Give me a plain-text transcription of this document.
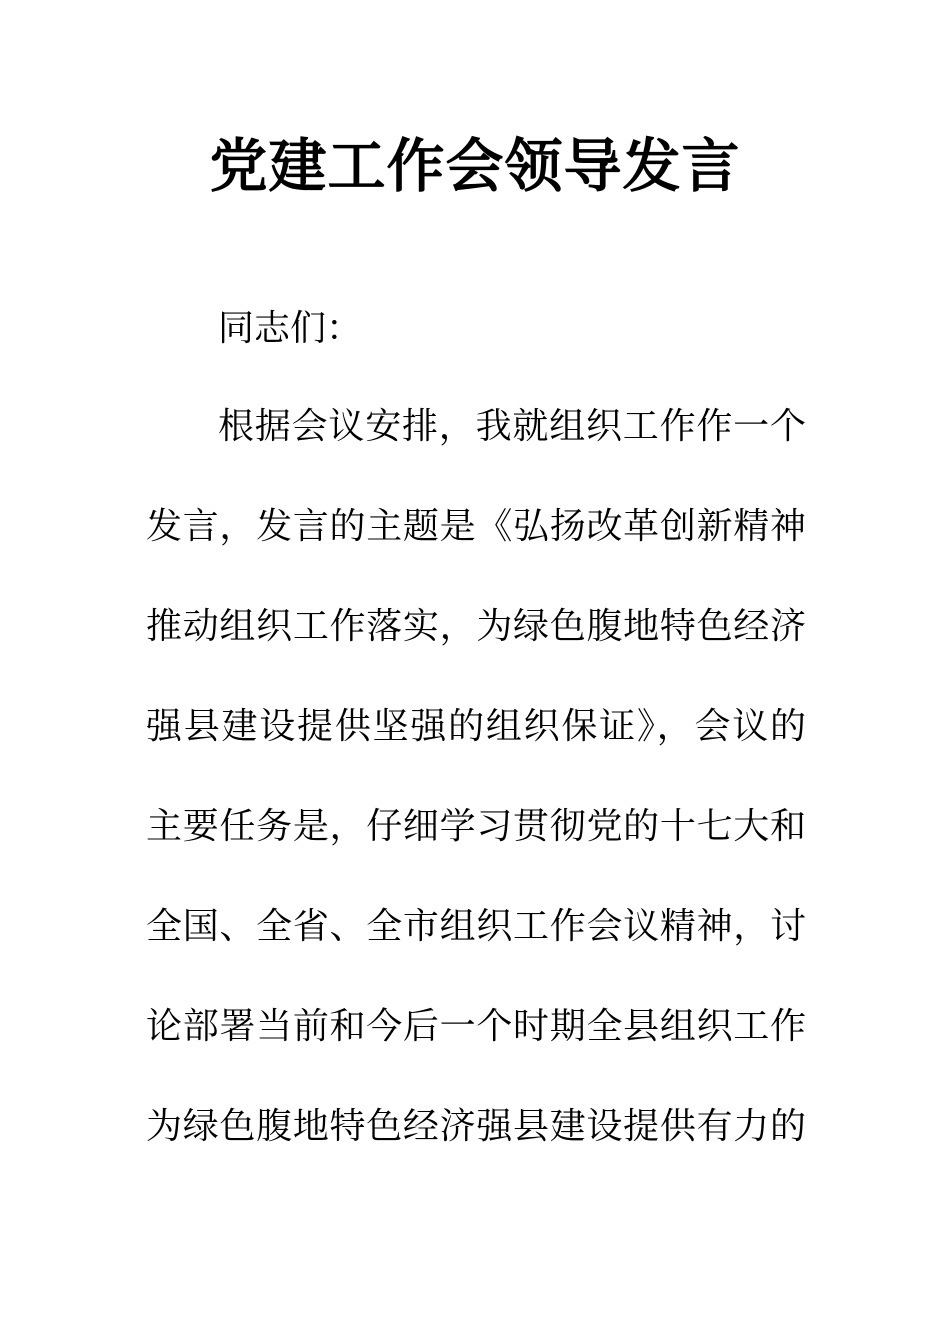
党建工作会领导发言
同志们：
根据会议安排，我就组织工作作一个
发言，发言的主题是《弘扬改革创新精神
推动组织工作落实，为绿色腹地特色经济
强县建设提供坚强的组织保证》，会议的
主要任务是，仔细学习贯彻党的十七大和
全国、全省、全市组织工作会议精神，讨
论部署当前和今后一个时期全县组织工作
为绿色腹地特色经济强县建设提供有力的
